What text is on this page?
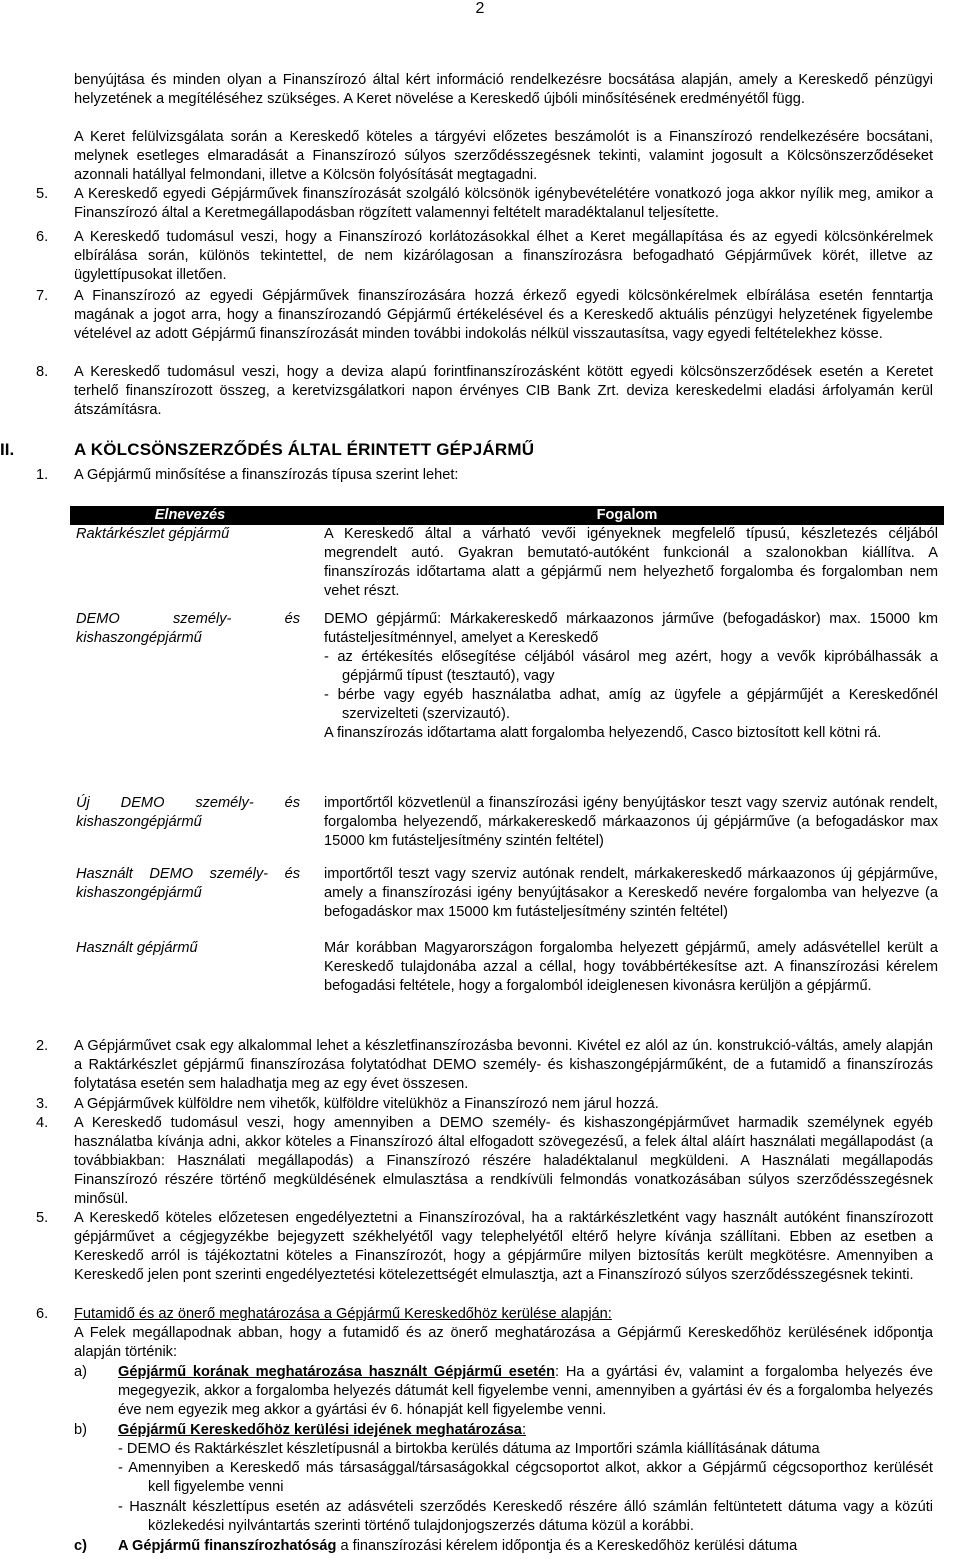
2
benyújtása és minden olyan a Finanszírozó által kért információ rendelkezésre bocsátása alapján, amely a Kereskedő pénzügyi helyzetének a megítéléséhez szükséges. A Keret növelése a Kereskedő újbóli minősítésének eredményétől függ.
A Keret felülvizsgálata során a Kereskedő köteles a tárgyévi előzetes beszámolót is a Finanszírozó rendelkezésére bocsátani, melynek esetleges elmaradását a Finanszírozó súlyos szerződésszegésnek tekinti, valamint jogosult a Kölcsönszerződéseket azonnali hatállyal felmondani, illetve a Kölcsön folyósítását megtagadni.
5. A Kereskedő egyedi Gépjárművek finanszírozását szolgáló kölcsönök igénybevételétére vonatkozó joga akkor nyílik meg, amikor a Finanszírozó által a Keretmegállapodásban rögzített valamennyi feltételt maradéktalanul teljesítette.
6. A Kereskedő tudomásul veszi, hogy a Finanszírozó korlátozásokkal élhet a Keret megállapítása és az egyedi kölcsönkérelmek elbírálása során, különös tekintettel, de nem kizárólagosan a finanszírozásra befogadható Gépjárművek körét, illetve az ügylettípusokat illetően.
7. A Finanszírozó az egyedi Gépjárművek finanszírozására hozzá érkező egyedi kölcsönkérelmek elbírálása esetén fenntartja magának a jogot arra, hogy a finanszírozandó Gépjármű értékelésével és a Kereskedő aktuális pénzügyi helyzetének figyelembe vételével az adott Gépjármű finanszírozását minden további indokolás nélkül visszautasítsa, vagy egyedi feltételekhez kösse.
8. A Kereskedő tudomásul veszi, hogy a deviza alapú forintfinanszírozásként kötött egyedi kölcsönszerződések esetén a Keretet terhelő finanszírozott összeg, a keretvizsgálatkori napon érvényes CIB Bank Zrt. deviza kereskedelmi eladási árfolyamán kerül átszámításra.
II.	A KÖLCSÖNSZERZŐDÉS ÁLTAL ÉRINTETT GÉPJÁRMŰ
1. A Gépjármű minősítése a finanszírozás típusa szerint lehet:
Elnevezés	Fogalom
Raktárkészlet gépjármű	A Kereskedő által a várható vevői igényeknek megfelelő típusú, készletezés céljából megrendelt autó. Gyakran bemutató-autóként funkcionál a szalonokban kiállítva. A finanszírozás időtartama alatt a gépjármű nem helyezhető forgalomba és forgalomban nem vehet részt.
DEMO személy- és kishaszongépjármű	DEMO gépjármű: Márkakereskedő márkaazonos járműve (befogadáskor) max. 15000 km futásteljesítménnyel, amelyet a Kereskedő
- az értékesítés elősegítése céljából vásárol meg azért, hogy a vevők kipróbálhassák a gépjármű típust (tesztautó), vagy
- bérbe vagy egyéb használatba adhat, amíg az ügyfele a gépjárműjét a Kereskedőnél szervizelteti (szervizautó).
A finanszírozás időtartama alatt forgalomba helyezendő, Casco biztosított kell kötni rá.

Új DEMO személy- és kishaszongépjármű	importőrtől közvetlenül a finanszírozási igény benyújtáskor teszt vagy szerviz autónak rendelt, forgalomba helyezendő, márkakereskedő márkaazonos új gépjárműve (a befogadáskor max 15000 km futásteljesítmény szintén feltétel)
Használt DEMO személy- és kishaszongépjármű	importőrtől teszt vagy szerviz autónak rendelt, márkakereskedő márkaazonos új gépjárműve, amely a finanszírozási igény benyújtásakor a Kereskedő nevére forgalomba van helyezve (a befogadáskor max 15000 km futásteljesítmény szintén feltétel)
Használt gépjármű	Már korábban Magyarországon forgalomba helyezett gépjármű, amely adásvétellel került a Kereskedő tulajdonába azzal a céllal, hogy továbbértékesítse azt. A finanszírozási kérelem befogadási feltétele, hogy a forgalomból ideiglenesen kivonásra kerüljön a gépjármű.
2. A Gépjárművet csak egy alkalommal lehet a készletfinanszírozásba bevonni. Kivétel ez alól az ún. konstrukció-váltás, amely alapján a Raktárkészlet gépjármű finanszírozása folytatódhat DEMO személy- és kishaszongépjárműként, de a futamidő a finanszírozás folytatása esetén sem haladhatja meg az egy évet összesen.
3. A Gépjárművek külföldre nem vihetők, külföldre vitelükhöz a Finanszírozó nem járul hozzá.
4. A Kereskedő tudomásul veszi, hogy amennyiben a DEMO személy- és kishaszongépjárművet harmadik személynek egyéb használatba kívánja adni, akkor köteles a Finanszírozó által elfogadott szövegezésű, a felek által aláírt használati megállapodást (a továbbiakban: Használati megállapodás) a Finanszírozó részére haladéktalanul megküldeni. A Használati megállapodás Finanszírozó részére történő megküldésének elmulasztása a rendkívüli felmondás vonatkozásában súlyos szerződésszegésnek minősül.
5. A Kereskedő köteles előzetesen engedélyeztetni a Finanszírozóval, ha a raktárkészletként vagy használt autóként finanszírozott gépjárművet a cégjegyzékbe bejegyzett székhelyétől vagy telephelyétől eltérő helyre kívánja szállítani. Ebben az esetben a Kereskedő arról is tájékoztatni köteles a Finanszírozót, hogy a gépjárműre milyen biztosítás került megkötésre. Amennyiben a Kereskedő jelen pont szerinti engedélyeztetési kötelezettségét elmulasztja, azt a Finanszírozó súlyos szerződésszegésnek tekinti.
6. Futamidő és az önerő meghatározása a Gépjármű Kereskedőhöz kerülése alapján:
A Felek megállapodnak abban, hogy a futamidő és az önerő meghatározása a Gépjármű Kereskedőhöz kerülésének időpontja alapján történik:
a) Gépjármű korának meghatározása használt Gépjármű esetén: Ha a gyártási év, valamint a forgalomba helyezés éve megegyezik, akkor a forgalomba helyezés dátumát kell figyelembe venni, amennyiben a gyártási év és a forgalomba helyezés éve nem egyezik meg akkor a gyártási év 6. hónapját kell figyelembe venni.
b) Gépjármű Kereskedőhöz kerülési idejének meghatározása:
- DEMO és Raktárkészlet készletípusnál a birtokba kerülés dátuma az Importőri számla kiállításának dátuma
- Amennyiben a Kereskedő más társasággal/társaságokkal cégcsoportot alkot, akkor a Gépjármű cégcsoporthoz kerülését kell figyelembe venni
- Használt készlettípus esetén az adásvételi szerződés Kereskedő részére álló számlán feltüntetett dátuma vagy a közúti közlekedési nyilvántartás szerinti történő tulajdonjogszerzés dátuma közül a korábbi.
c) A Gépjármű finanszírozhatóság a finanszírozási kérelem időpontja és a Kereskedőhöz kerülési dátuma
